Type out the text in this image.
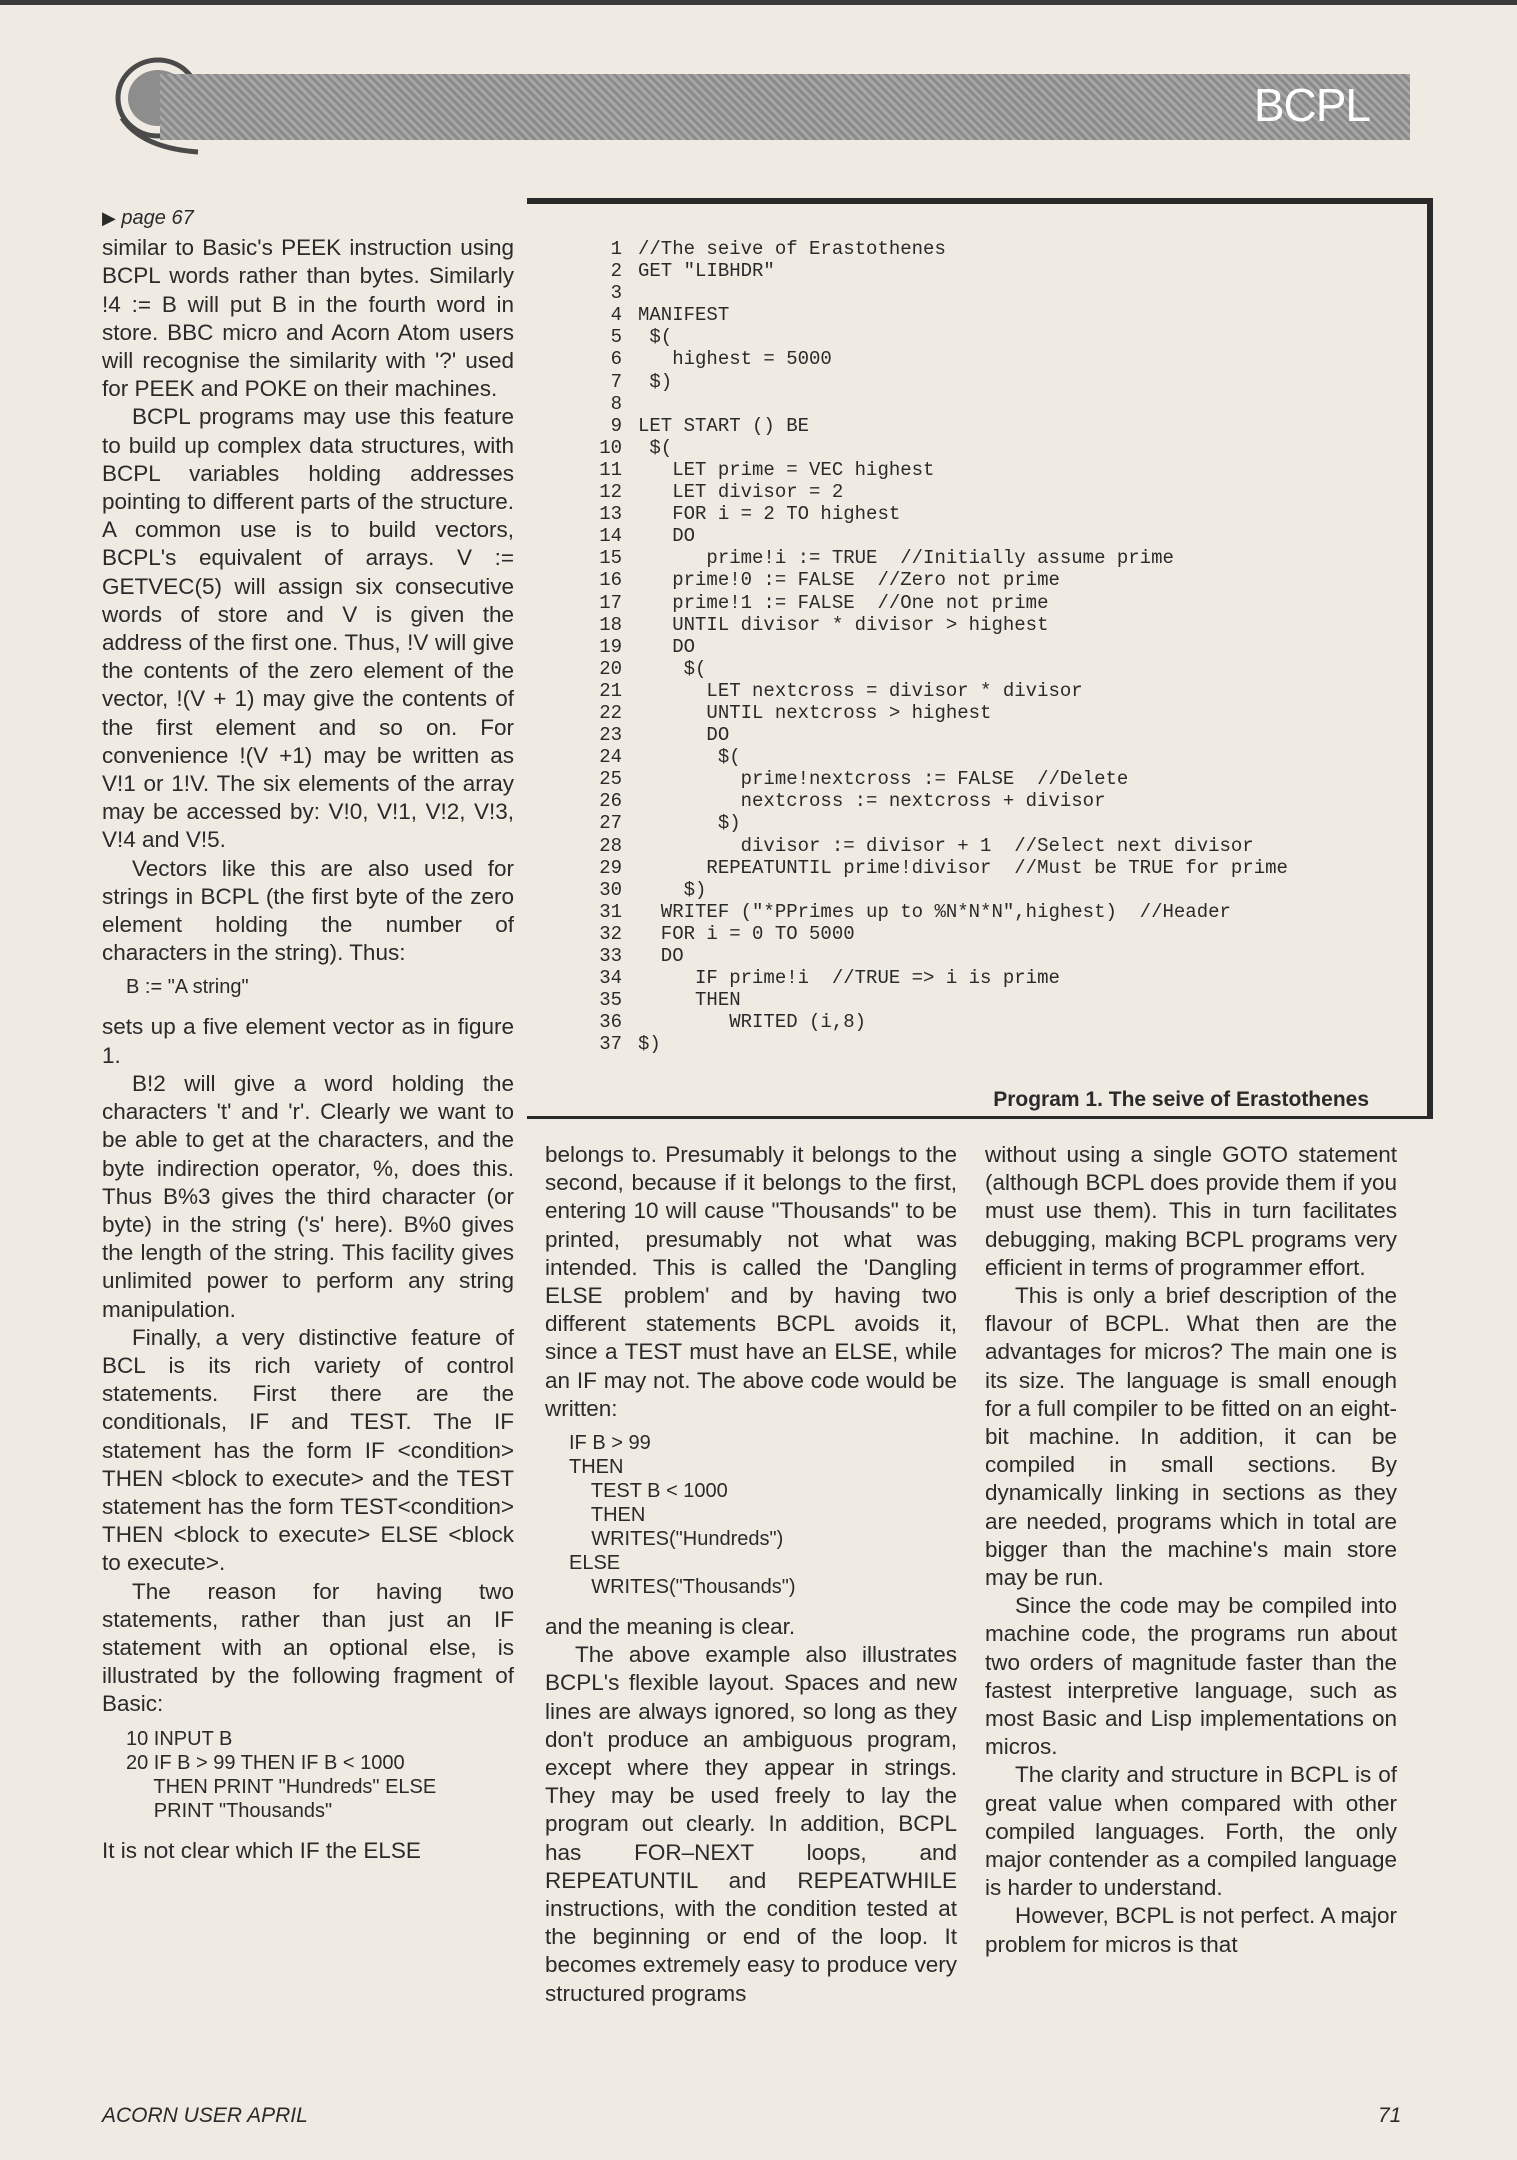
BCPL
▶ page 67

similar to Basic's PEEK instruction using BCPL words rather than bytes. Similarly !4 := B will put B in the fourth word in store. BBC micro and Acorn Atom users will recognise the similarity with '?' used for PEEK and POKE on their machines.

BCPL programs may use this feature to build up complex data structures, with BCPL variables holding addresses pointing to different parts of the structure. A common use is to build vectors, BCPL's equivalent of arrays. V := GETVEC(5) will assign six consecutive words of store and V is given the address of the first one. Thus, !V will give the contents of the zero element of the vector, !(V + 1) may give the contents of the first element and so on. For convenience !(V +1) may be written as V!1 or 1!V. The six elements of the array may be accessed by: V!0, V!1, V!2, V!3, V!4 and V!5.

Vectors like this are also used for strings in BCPL (the first byte of the zero element holding the number of characters in the string). Thus:

B := "A string"

sets up a five element vector as in figure 1.

B!2 will give a word holding the characters 't' and 'r'. Clearly we want to be able to get at the characters, and the byte indirection operator, %, does this. Thus B%3 gives the third character (or byte) in the string ('s' here). B%0 gives the length of the string. This facility gives unlimited power to perform any string manipulation.

Finally, a very distinctive feature of BCL is its rich variety of control statements. First there are the conditionals, IF and TEST. The IF statement has the form IF <condition> THEN <block to execute> and the TEST statement has the form TEST<condition> THEN <block to execute> ELSE <block to execute>.

The reason for having two statements, rather than just an IF statement with an optional else, is illustrated by the following fragment of Basic:

10 INPUT B
20 IF B > 99 THEN IF B < 1000
THEN PRINT "Hundreds" ELSE
PRINT "Thousands"

It is not clear which IF the ELSE

1 //The seive of Erastothenes
2 GET "LIBHDR"
3
4 MANIFEST
5 $(
6   highest = 5000
7 $)
8
9 LET START () BE
10 $(
11   LET prime = VEC highest
12   LET divisor = 2
13   FOR i = 2 TO highest
14   DO
15      prime!i := TRUE  //Initially assume prime
16   prime!0 := FALSE  //Zero not prime
17   prime!1 := FALSE  //One not prime
18   UNTIL divisor * divisor > highest
19   DO
20    $(
21      LET nextcross = divisor * divisor
22      UNTIL nextcross > highest
23      DO
24       $(
25         prime!nextcross := FALSE  //Delete
26         nextcross := nextcross + divisor
27       $)
28         divisor := divisor + 1  //Select next divisor
29      REPEATUNTIL prime!divisor  //Must be TRUE for prime
30    $)
31  WRITEF ("*PPrimes up to %N*N*N",highest)  //Header
32  FOR i = 0 TO 5000
33  DO
34     IF prime!i  //TRUE => i is prime
35     THEN
36        WRITED (i,8)
37 $)
Program 1. The seive of Erastothenes

belongs to. Presumably it belongs to the second, because if it belongs to the first, entering 10 will cause "Thousands" to be printed, presumably not what was intended. This is called the 'Dangling ELSE problem' and by having two different statements BCPL avoids it, since a TEST must have an ELSE, while an IF may not. The above code would be written:

IF B > 99
THEN
TEST B < 1000
THEN
WRITES("Hundreds")
ELSE
WRITES("Thousands")

and the meaning is clear.

The above example also illustrates BCPL's flexible layout. Spaces and new lines are always ignored, so long as they don't produce an ambiguous program, except where they appear in strings. They may be used freely to lay the program out clearly. In addition, BCPL has FOR–NEXT loops, and REPEATUNTIL and REPEATWHILE instructions, with the condition tested at the beginning or end of the loop. It becomes extremely easy to produce very structured programs

without using a single GOTO statement (although BCPL does provide them if you must use them). This in turn facilitates debugging, making BCPL programs very efficient in terms of programmer effort.

This is only a brief description of the flavour of BCPL. What then are the advantages for micros? The main one is its size. The language is small enough for a full compiler to be fitted on an eight-bit machine. In addition, it can be compiled in small sections. By dynamically linking in sections as they are needed, programs which in total are bigger than the machine's main store may be run.

Since the code may be compiled into machine code, the programs run about two orders of magnitude faster than the fastest interpretive language, such as most Basic and Lisp implementations on micros.

The clarity and structure in BCPL is of great value when compared with other compiled languages. Forth, the only major contender as a compiled language is harder to understand.

However, BCPL is not perfect. A major problem for micros is that

ACORN USER APRIL	71
